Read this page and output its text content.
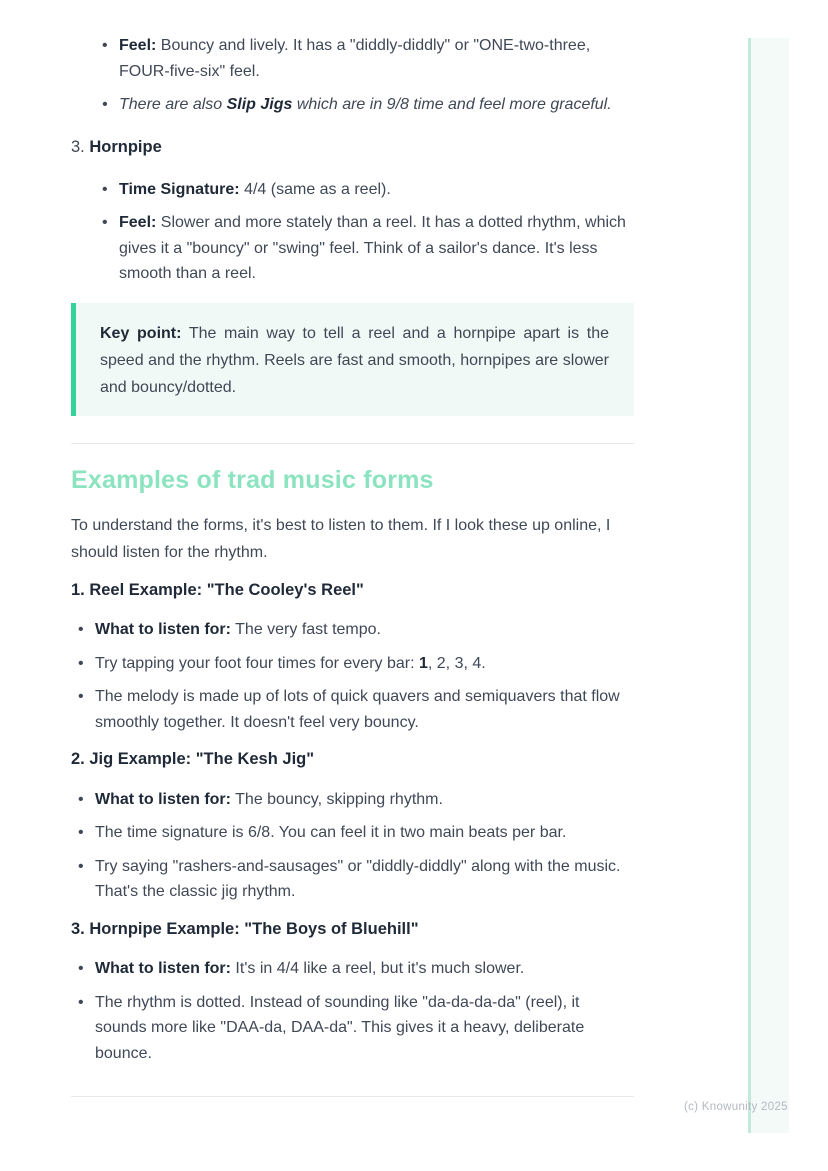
• Feel: Bouncy and lively. It has a "diddly-diddly" or "ONE-two-three, FOUR-five-six" feel.
• There are also Slip Jigs which are in 9/8 time and feel more graceful.
3. Hornpipe
• Time Signature: 4/4 (same as a reel).
• Feel: Slower and more stately than a reel. It has a dotted rhythm, which gives it a "bouncy" or "swing" feel. Think of a sailor's dance. It's less smooth than a reel.
Key point: The main way to tell a reel and a hornpipe apart is the speed and the rhythm. Reels are fast and smooth, hornpipes are slower and bouncy/dotted.
Examples of trad music forms

To understand the forms, it's best to listen to them. If I look these up online, I should listen for the rhythm.

1. Reel Example: "The Cooley's Reel"
• What to listen for: The very fast tempo.
• Try tapping your foot four times for every bar: 1, 2, 3, 4.
• The melody is made up of lots of quick quavers and semiquavers that flow smoothly together. It doesn't feel very bouncy.
2. Jig Example: "The Kesh Jig"
• What to listen for: The bouncy, skipping rhythm.
• The time signature is 6/8. You can feel it in two main beats per bar.
• Try saying "rashers-and-sausages" or "diddly-diddly" along with the music. That's the classic jig rhythm.
3. Hornpipe Example: "The Boys of Bluehill"
• What to listen for: It's in 4/4 like a reel, but it's much slower.
• The rhythm is dotted. Instead of sounding like "da-da-da-da" (reel), it sounds more like "DAA-da, DAA-da". This gives it a heavy, deliberate bounce.
(c) Knowunity 2025
